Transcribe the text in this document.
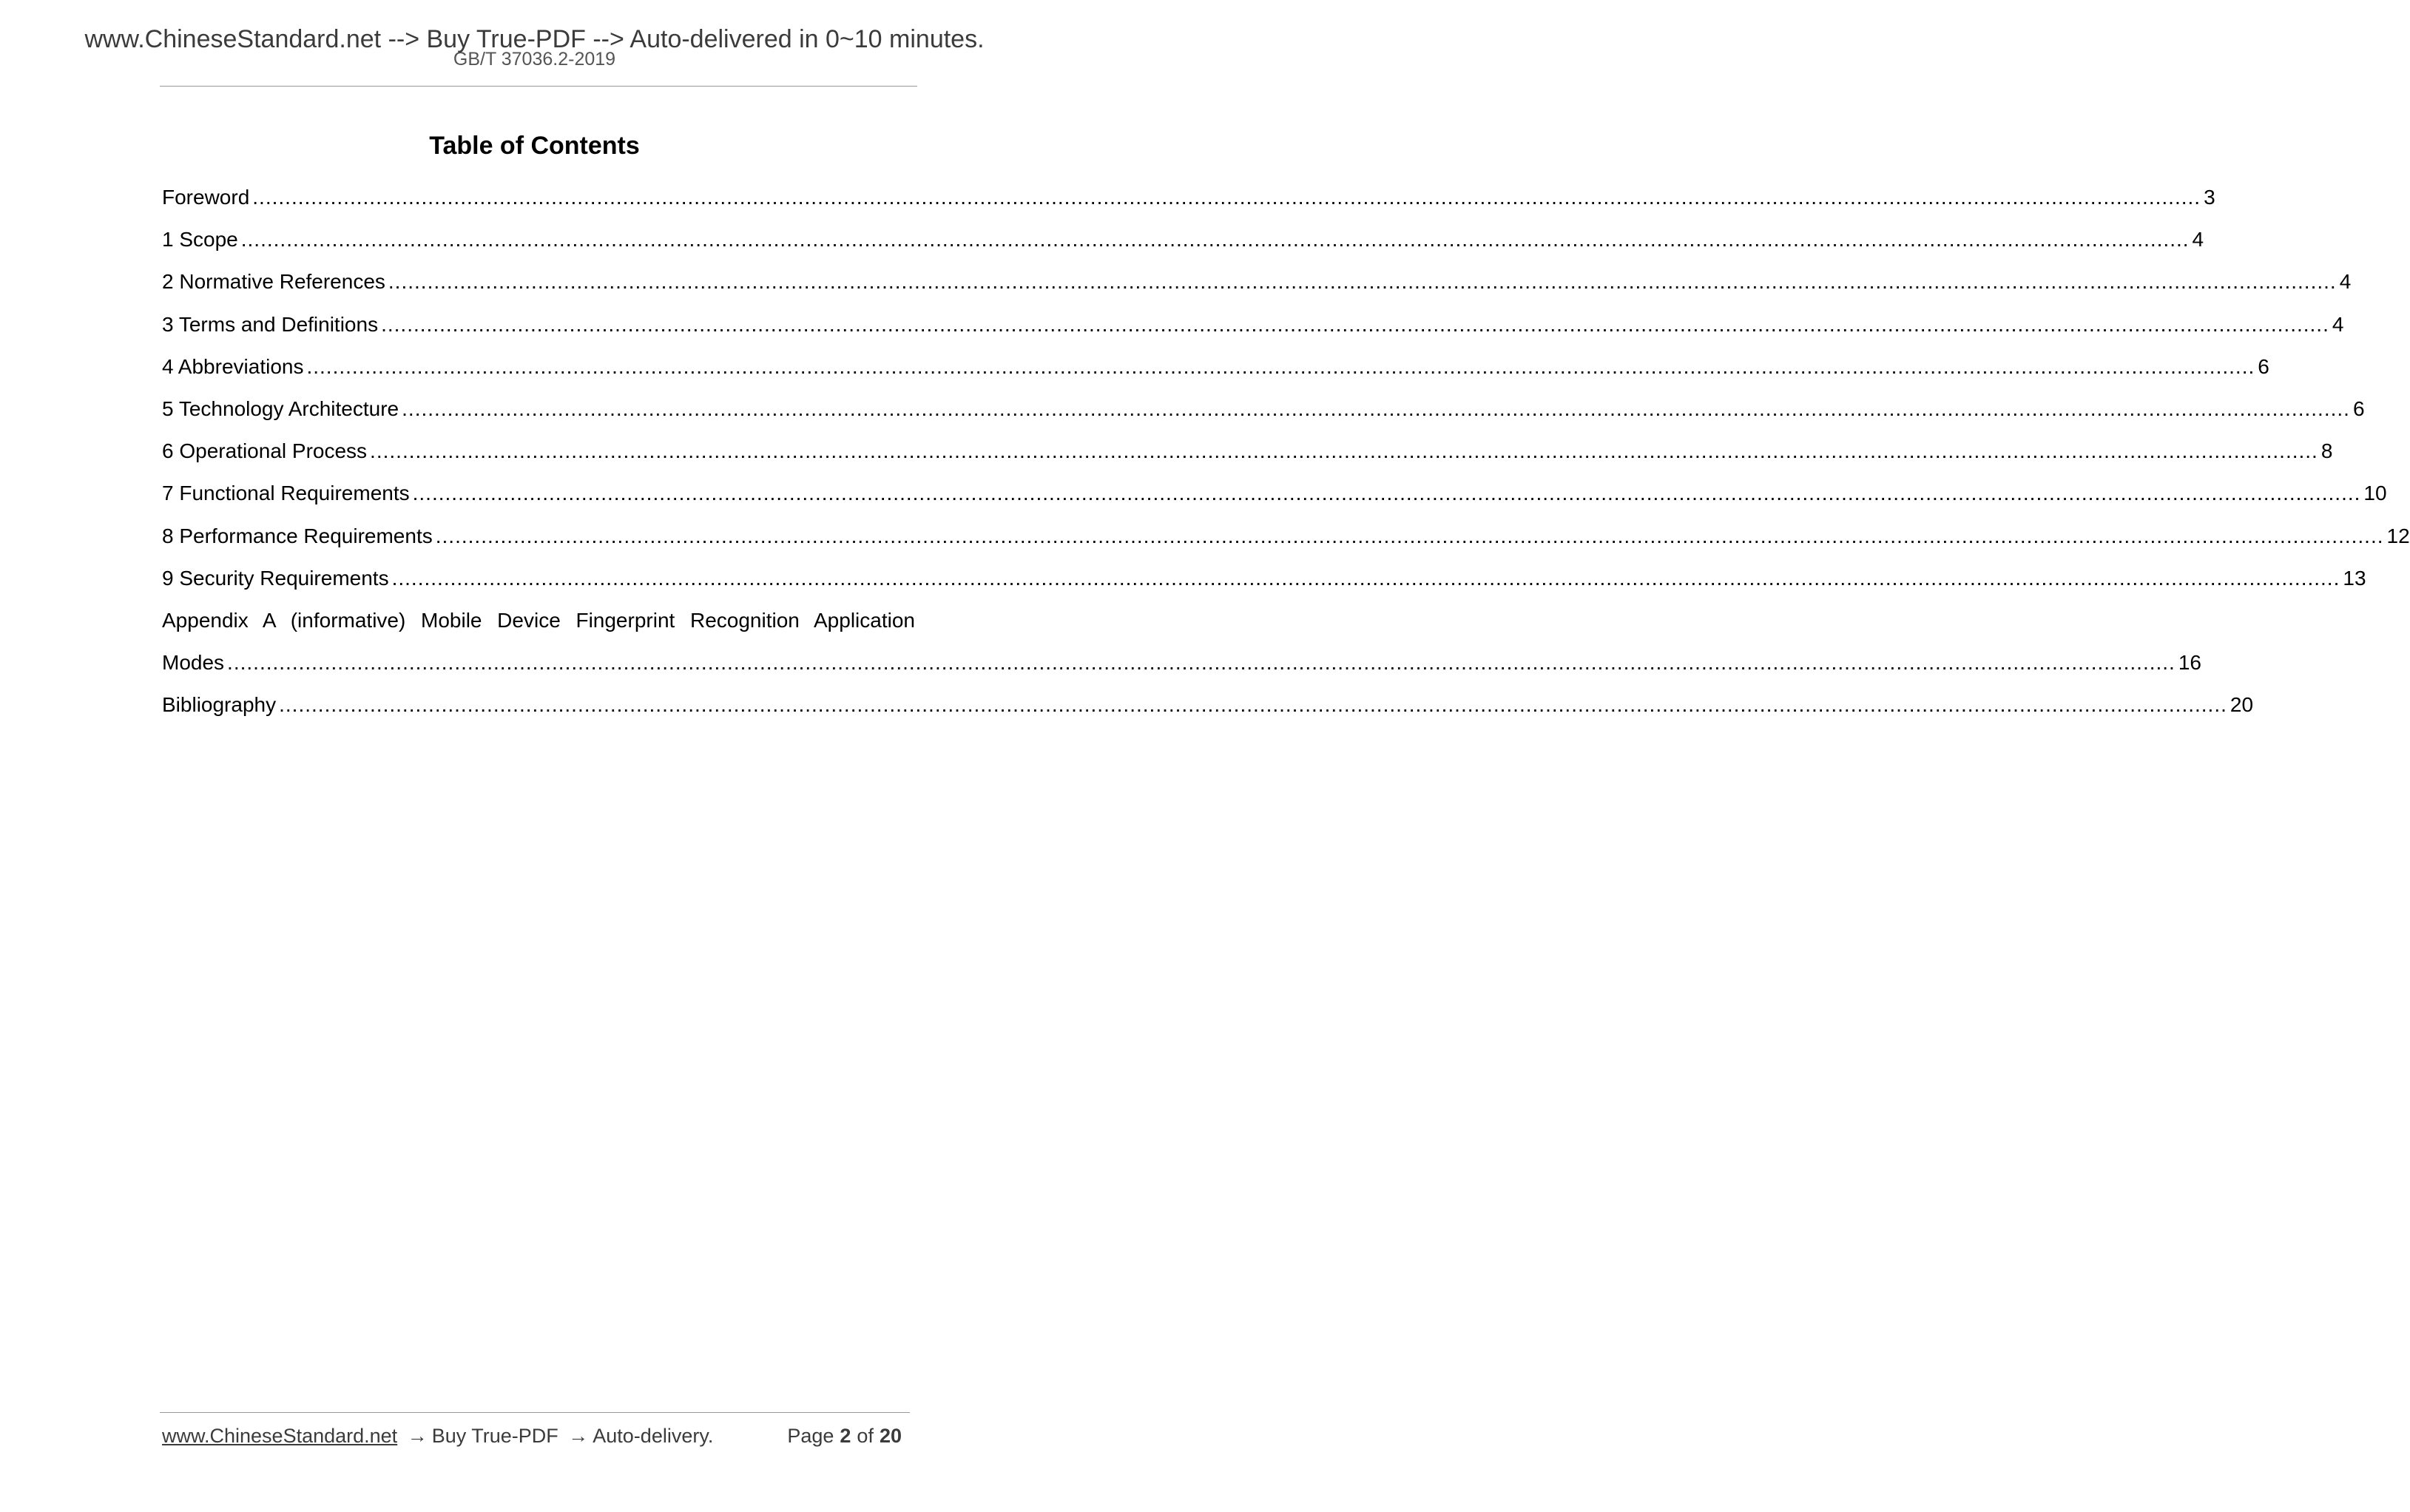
www.ChineseStandard.net --> Buy True-PDF --> Auto-delivered in 0~10 minutes.
GB/T 37036.2-2019
Table of Contents
Foreword ............................................................................................................................................................................................................................................................................................................ 3
1 Scope ............................................................................................................................................................................................................................................................................................................ 4
2 Normative References ............................................................................................................................................................................................................................................................................................................ 4
3 Terms and Definitions ............................................................................................................................................................................................................................................................................................................ 4
4 Abbreviations ............................................................................................................................................................................................................................................................................................................ 6
5 Technology Architecture ............................................................................................................................................................................................................................................................................................................ 6
6 Operational Process ............................................................................................................................................................................................................................................................................................................ 8
7 Functional Requirements ............................................................................................................................................................................................................................................................................................................ 10
8 Performance Requirements ............................................................................................................................................................................................................................................................................................................ 12
9 Security Requirements ............................................................................................................................................................................................................................................................................................................ 13
Appendix A (informative) Mobile Device Fingerprint Recognition Application
Modes ............................................................................................................................................................................................................................................................................................................ 16
Bibliography ............................................................................................................................................................................................................................................................................................................ 20
www.ChineseStandard.net → Buy True-PDF → Auto-delivery.	Page 2 of 20
